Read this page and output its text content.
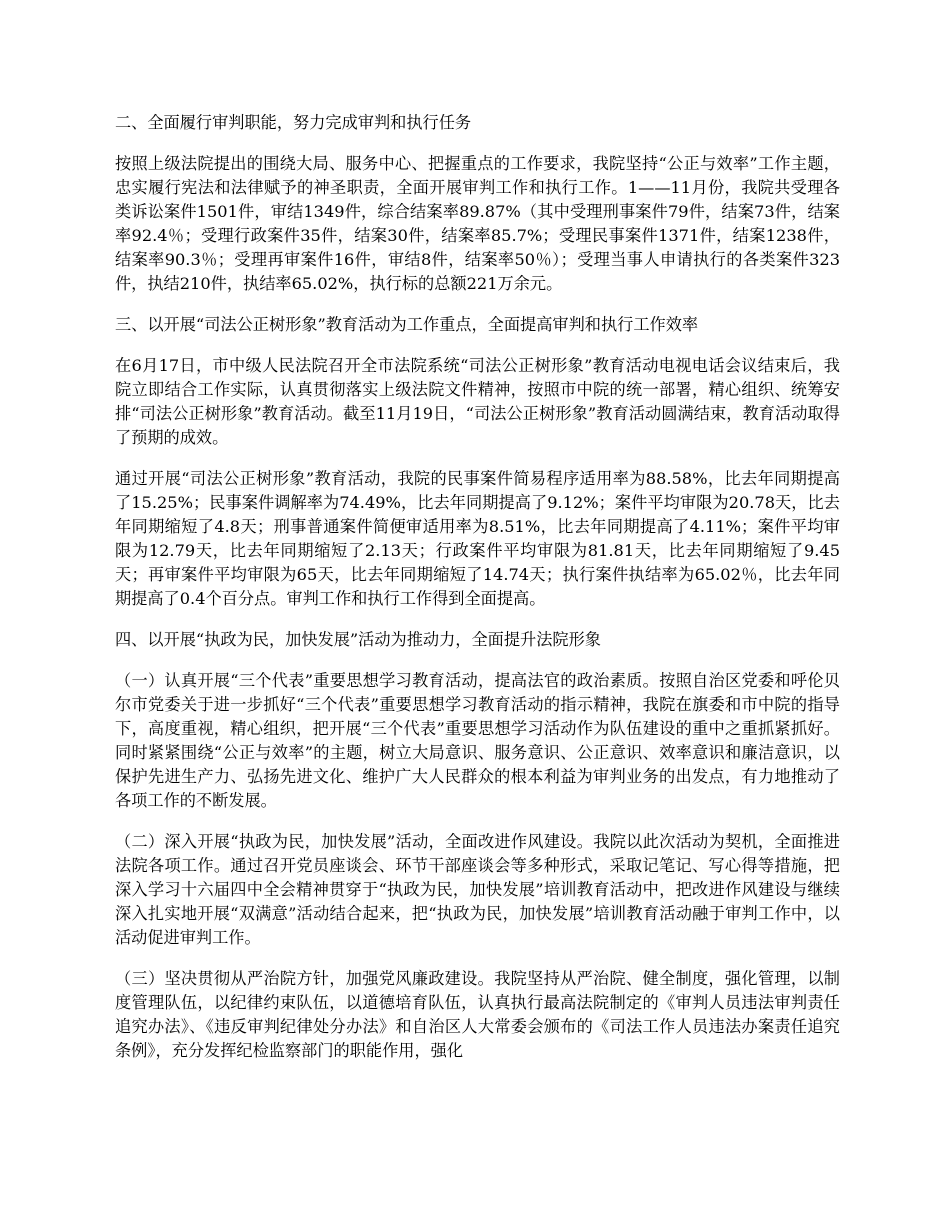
二、全面履行审判职能，努力完成审判和执行任务

按照上级法院提出的围绕大局、服务中心、把握重点的工作要求，我院坚持“公正与效率”工作主题，忠实履行宪法和法律赋予的神圣职责，全面开展审判工作和执行工作。1——11月份，我院共受理各类诉讼案件1501件，审结1349件，综合结案率89.87%（其中受理刑事案件79件，结案73件，结案率92.4％；受理行政案件35件，结案30件，结案率85.7%；受理民事案件1371件，结案1238件，结案率90.3％；受理再审案件16件，审结8件，结案率50％）；受理当事人申请执行的各类案件323件，执结210件，执结率65.02%，执行标的总额221万余元。

三、以开展“司法公正树形象”教育活动为工作重点，全面提高审判和执行工作效率

在6月17日，市中级人民法院召开全市法院系统“司法公正树形象”教育活动电视电话会议结束后，我院立即结合工作实际，认真贯彻落实上级法院文件精神，按照市中院的统一部署，精心组织、统筹安排“司法公正树形象”教育活动。截至11月19日，“司法公正树形象”教育活动圆满结束，教育活动取得了预期的成效。

通过开展“司法公正树形象”教育活动，我院的民事案件简易程序适用率为88.58%，比去年同期提高了15.25%；民事案件调解率为74.49%，比去年同期提高了9.12%；案件平均审限为20.78天，比去年同期缩短了4.8天；刑事普通案件简便审适用率为8.51%，比去年同期提高了4.11%；案件平均审限为12.79天，比去年同期缩短了2.13天；行政案件平均审限为81.81天，比去年同期缩短了9.45天；再审案件平均审限为65天，比去年同期缩短了14.74天；执行案件执结率为65.02％，比去年同期提高了0.4个百分点。审判工作和执行工作得到全面提高。

四、以开展“执政为民，加快发展”活动为推动力，全面提升法院形象

（一）认真开展“三个代表”重要思想学习教育活动，提高法官的政治素质。按照自治区党委和呼伦贝尔市党委关于进一步抓好“三个代表”重要思想学习教育活动的指示精神，我院在旗委和市中院的指导下，高度重视，精心组织，把开展“三个代表”重要思想学习活动作为队伍建设的重中之重抓紧抓好。同时紧紧围绕“公正与效率”的主题，树立大局意识、服务意识、公正意识、效率意识和廉洁意识，以保护先进生产力、弘扬先进文化、维护广大人民群众的根本利益为审判业务的出发点，有力地推动了各项工作的不断发展。

（二）深入开展“执政为民，加快发展”活动，全面改进作风建设。我院以此次活动为契机，全面推进法院各项工作。通过召开党员座谈会、环节干部座谈会等多种形式，采取记笔记、写心得等措施，把深入学习十六届四中全会精神贯穿于“执政为民，加快发展”培训教育活动中，把改进作风建设与继续深入扎实地开展“双满意”活动结合起来，把“执政为民，加快发展”培训教育活动融于审判工作中，以活动促进审判工作。

（三）坚决贯彻从严治院方针，加强党风廉政建设。我院坚持从严治院、健全制度，强化管理，以制度管理队伍，以纪律约束队伍，以道德培育队伍，认真执行最高法院制定的《审判人员违法审判责任追究办法》、《违反审判纪律处分办法》和自治区人大常委会颁布的《司法工作人员违法办案责任追究条例》，充分发挥纪检监察部门的职能作用，强化
